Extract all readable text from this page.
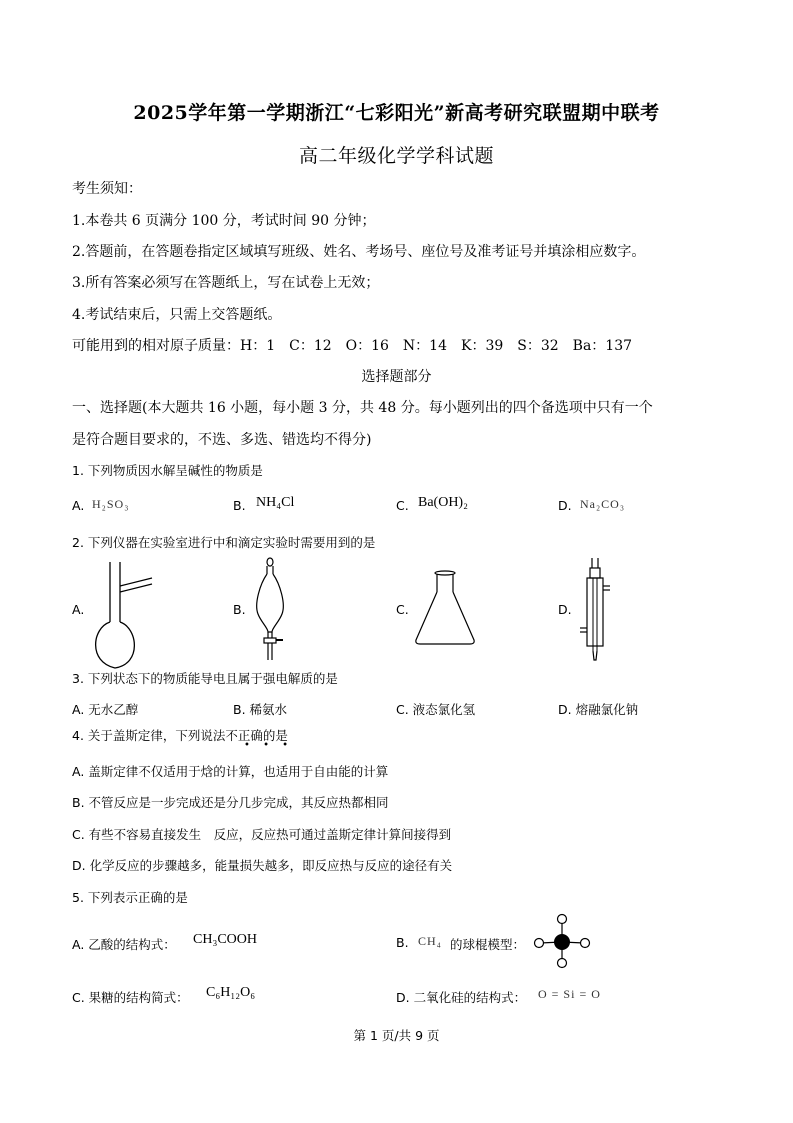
2025学年第一学期浙江“七彩阳光”新高考研究联盟期中联考
高二年级化学学科试题
考生须知：
1.本卷共 6 页满分 100 分，考试时间 90 分钟；
2.答题前，在答题卷指定区域填写班级、姓名、考场号、座位号及准考证号并填涂相应数字。
3.所有答案必须写在答题纸上，写在试卷上无效；
4.考试结束后，只需上交答题纸。
可能用到的相对原子质量：H：1　C：12　O：16　N：14　K：39　S：32　Ba：137
选择题部分
一、选择题(本大题共 16 小题，每小题 3 分，共 48 分。每小题列出的四个备选项中只有一个
是符合题目要求的，不选、多选、错选均不得分)
1. 下列物质因水解呈碱性的物质是
A. H₂SO₃	B. NH₄Cl	C. Ba(OH)₂	D. Na₂CO₃
2. 下列仪器在实验室进行中和滴定实验时需要用到的是
A.	B.	C.	D.
3. 下列状态下的物质能导电且属于强电解质的是
A. 无水乙醇	B. 稀氨水	C. 液态氯化氢	D. 熔融氯化钠
4. 关于盖斯定律，下列说法不正确的是
• • •
A. 盖斯定律不仅适用于焓的计算，也适用于自由能的计算
B. 不管反应是一步完成还是分几步完成，其反应热都相同
C. 有些不容易直接发生　反应，反应热可通过盖斯定律计算间接得到
D. 化学反应的步骤越多，能量损失越多，即反应热与反应的途径有关
5. 下列表示正确的是
A. 乙酸的结构式： CH₃COOH	B. CH₄ 的球棍模型：
C. 果糖的结构简式： C₆H₁₂O₆	D. 二氧化硅的结构式： O = Si = O
第 1 页/共 9 页
